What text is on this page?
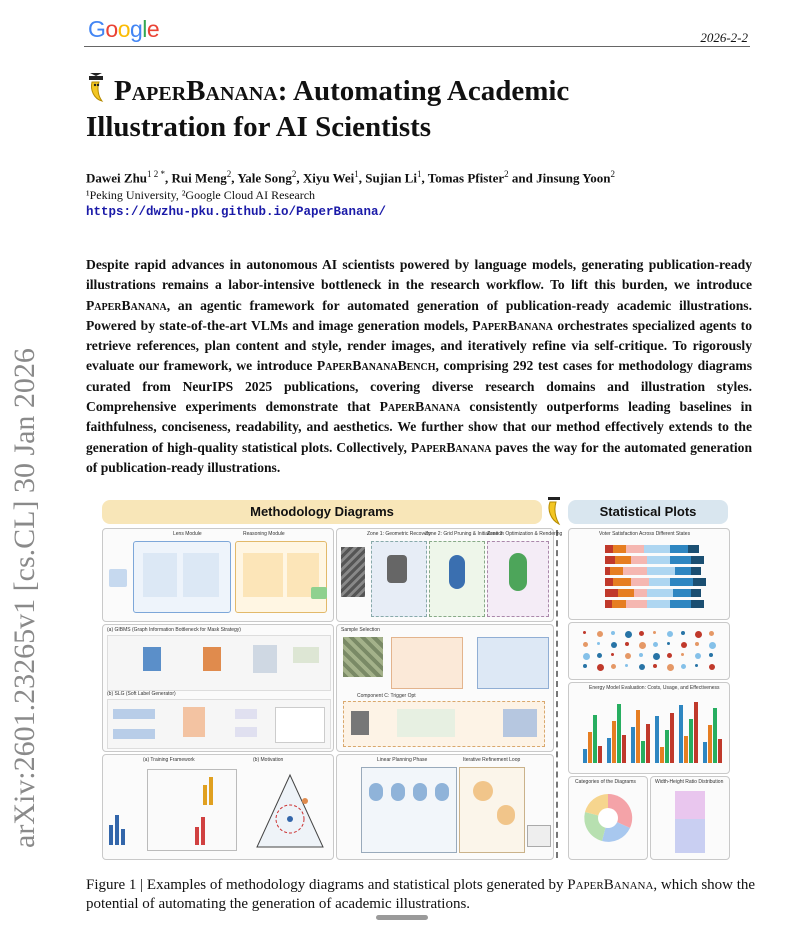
Google	2026-2-2
arXiv:2601.23265v1 [cs.CL] 30 Jan 2026
PaperBanana: Automating Academic
Illustration for AI Scientists
Dawei Zhu$^{1 2 *}$, Rui Meng$^2$, Yale Song$^2$, Xiyu Wei$^1$, Sujian Li$^1$, Tomas Pfister$^2$ and Jinsung Yoon$^2$
¹Peking University, ²Google Cloud AI Research
https://dwzhu-pku.github.io/PaperBanana/
Despite rapid advances in autonomous AI scientists powered by language models, generating publication-ready illustrations remains a labor-intensive bottleneck in the research workflow. To lift this burden, we introduce PaperBanana, an agentic framework for automated generation of publication-ready academic illustrations. Powered by state-of-the-art VLMs and image generation models, PaperBanana orchestrates specialized agents to retrieve references, plan content and style, render images, and iteratively refine via self-critique. To rigorously evaluate our framework, we introduce PaperBananaBench, comprising 292 test cases for methodology diagrams curated from NeurIPS 2025 publications, covering diverse research domains and illustration styles. Comprehensive experiments demonstrate that PaperBanana consistently outperforms leading baselines in faithfulness, conciseness, readability, and aesthetics. We further show that our method effectively extends to the generation of high-quality statistical plots. Collectively, PaperBanana paves the way for the automated generation of publication-ready illustrations.
Methodology Diagrams	Statistical Plots
Lens Module	Reasoning Module	Zone 1: Geometric Recovery
Zone 2: Grid Pruning & Initialization
Zone 3: Optimization & Rendering
(a) GIBMS (Graph Information Bottleneck for Mask Strategy)
(b) SLG (Soft Label Generator)
Sample Selection
Component C: Trigger Opt
(a) Training Framework	(b) Motivation	Linear Planning Phase	Iterative Refinement Loop
Voter Satisfaction Across Different States
Energy Model Evaluation: Costs, Usage, and Effectiveness
Categories of the Diagrams	Width-Height Ratio Distribution
Figure 1 | Examples of methodology diagrams and statistical plots generated by PaperBanana, which show the potential of automating the generation of academic illustrations.
